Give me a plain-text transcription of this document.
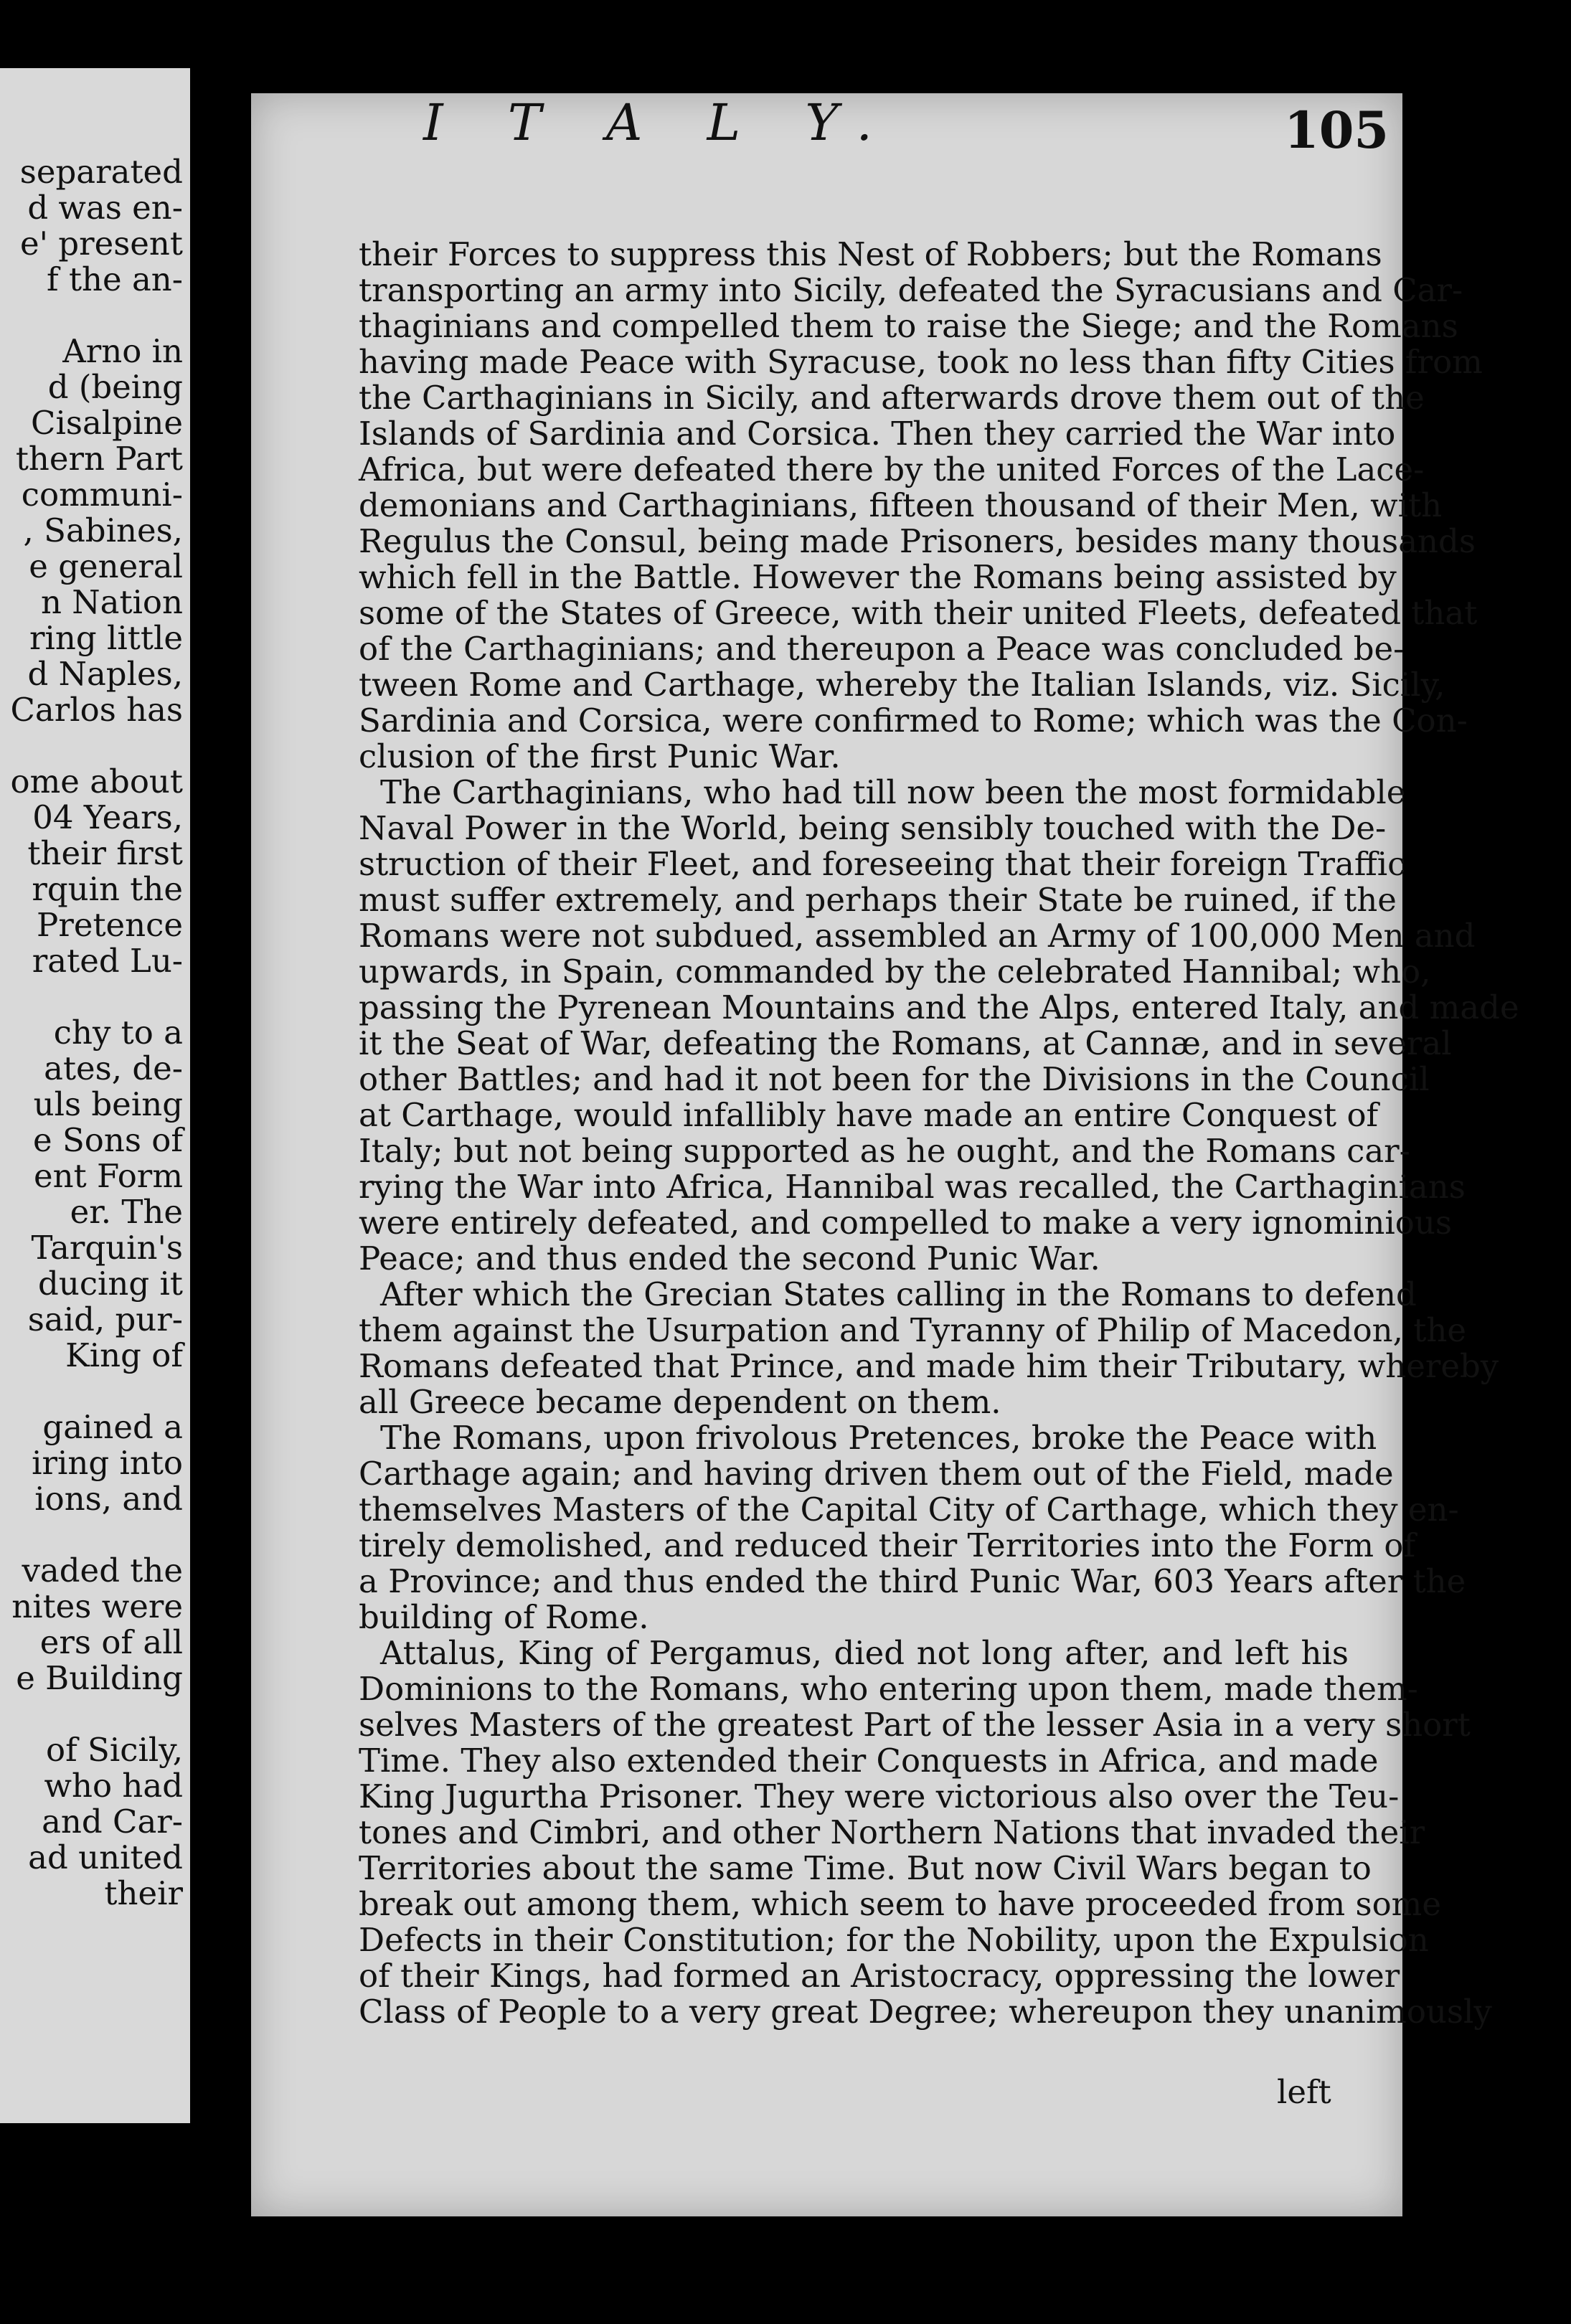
separated
d was en-
e' present
f the an-
Arno in
d (being
Cisalpine
thern Part
communi-
, Sabines,
e general
n Nation
ring little
d Naples,
Carlos has
ome about
04 Years,
their first
rquin the
Pretence
rated Lu-
chy to a
ates, de-
uls being
e Sons of
ent Form
er. The
Tarquin's
ducing it
said, pur-
King of
gained a
iring into
ions, and
vaded the
nites were
ers of all
e Building
of Sicily,
who had
and Car-
ad united
their
I T A L Y.	105
their Forces to suppress this Nest of Robbers; but the Romans
transporting an army into Sicily, defeated the Syracusians and Car-
thaginians and compelled them to raise the Siege; and the Romans
having made Peace with Syracuse, took no less than fifty Cities from
the Carthaginians in Sicily, and afterwards drove them out of the
Islands of Sardinia and Corsica. Then they carried the War into
Africa, but were defeated there by the united Forces of the Lace-
demonians and Carthaginians, fifteen thousand of their Men, with
Regulus the Consul, being made Prisoners, besides many thousands
which fell in the Battle. However the Romans being assisted by
some of the States of Greece, with their united Fleets, defeated that
of the Carthaginians; and thereupon a Peace was concluded be-
tween Rome and Carthage, whereby the Italian Islands, viz. Sicily,
Sardinia and Corsica, were confirmed to Rome; which was the Con-
clusion of the first Punic War.
The Carthaginians, who had till now been the most formidable
Naval Power in the World, being sensibly touched with the De-
struction of their Fleet, and foreseeing that their foreign Traffic
must suffer extremely, and perhaps their State be ruined, if the
Romans were not subdued, assembled an Army of 100,000 Men and
upwards, in Spain, commanded by the celebrated Hannibal; who,
passing the Pyrenean Mountains and the Alps, entered Italy, and made
it the Seat of War, defeating the Romans, at Cannæ, and in several
other Battles; and had it not been for the Divisions in the Council
at Carthage, would infallibly have made an entire Conquest of
Italy; but not being supported as he ought, and the Romans car-
rying the War into Africa, Hannibal was recalled, the Carthaginians
were entirely defeated, and compelled to make a very ignominious
Peace; and thus ended the second Punic War.
After which the Grecian States calling in the Romans to defend
them against the Usurpation and Tyranny of Philip of Macedon, the
Romans defeated that Prince, and made him their Tributary, whereby
all Greece became dependent on them.
The Romans, upon frivolous Pretences, broke the Peace with
Carthage again; and having driven them out of the Field, made
themselves Masters of the Capital City of Carthage, which they en-
tirely demolished, and reduced their Territories into the Form of
a Province; and thus ended the third Punic War, 603 Years after the
building of Rome.
Attalus, King of Pergamus, died not long after, and left his
Dominions to the Romans, who entering upon them, made them-
selves Masters of the greatest Part of the lesser Asia in a very short
Time. They also extended their Conquests in Africa, and made
King Jugurtha Prisoner. They were victorious also over the Teu-
tones and Cimbri, and other Northern Nations that invaded their
Territories about the same Time. But now Civil Wars began to
break out among them, which seem to have proceeded from some
Defects in their Constitution; for the Nobility, upon the Expulsion
of their Kings, had formed an Aristocracy, oppressing the lower
Class of People to a very great Degree; whereupon they unanimously
left
